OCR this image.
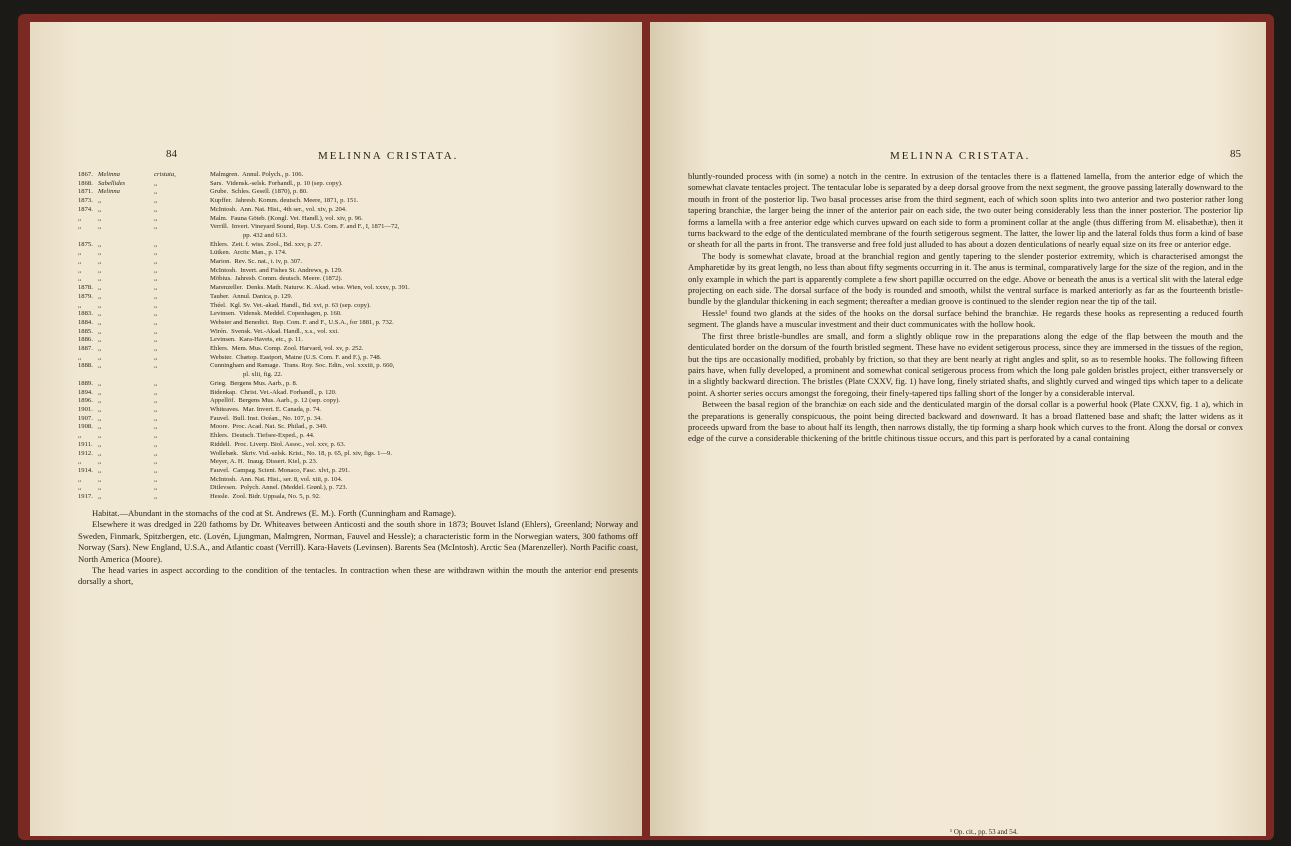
84	MELINNA CRISTATA.
1867. Melinna	cristata,	Malmgren.  Annul. Polych., p. 106.
1868. Sabellides	,,	Sars.  Vidensk.-selsk. Forhandl., p. 10 (sep. copy).
1871. Melinna	,,	Grube.  Schles. Gesell. (1870), p. 80.
1873. ,,	,,	Kupffer.  Jahresb. Komm. deutsch. Meere, 1871, p. 151.
1874. ,,	,,	McIntosh.  Ann. Nat. Hist., 4th ser., vol. xiv, p. 204.
,,	,,	,,	Malm.  Fauna Göteb. (Kongl. Vet. Handl.), vol. xiv, p. 96.
,,	,,	,,	Verrill.  Invert. Vineyard Sound, Rep. U.S. Com. F. and F., I, 1871—72,
pp. 432 and 613.
1875. ,,	,,	Ehlers.  Zeit. f. wiss. Zool., Bd. xxv, p. 27.
,,	,,	,,	Lütken.  Arctic Man., p. 174.
,,	,,	,,	Marion.  Rev. Sc. nat., t. iv, p. 307.
,,	,,	,,	McIntosh.  Invert. and Fishes St. Andrews, p. 129.
,,	,,	,,	Möbius.  Jahresb. Comm. deutsch. Meere. (1872).
1878. ,,	,,	Marenzeller.  Denks. Math. Naturw. K. Akad. wiss. Wien, vol. xxxv, p. 391.
1879. ,,	,,	Tauber.  Annul. Danica, p. 129.
,,	,,	,,	Théel.  Kgl. Sv. Vet.-akad. Handl., Bd. xvi, p. 63 (sep. copy).
1883. ,,	,,	Levinsen.  Vidensk. Meddel. Copenhagen, p. 160.
1884. ,,	,,	Webster and Benedict.  Rep. Com. F. and F., U.S.A., for 1881, p. 732.
1885. ,,	,,	Wirén.  Svensk. Vet.-Akad. Handl., x.s., vol. xxi.
1886. ,,	,,	Levinsen.  Kara-Havets, etc., p. 11.
1887. ,,	,,	Ehlers.  Mem. Mus. Comp. Zool. Harvard, vol. xv, p. 252.
,,	,,	,,	Webster.  Chætop. Eastport, Maine (U.S. Com. F. and F.), p. 748.
1888. ,,	,,	Cunningham and Ramage.  Trans. Roy. Soc. Edin., vol. xxxiii, p. 660,
pl. xlii, fig. 22.
1889. ,,	,,	Grieg.  Bergens Mus. Aarb., p. 8.
1894. ,,	,,	Bidenkap.  Christ. Vet.-Akad. Forhandl., p. 120.
1896. ,,	,,	Appellöf.  Bergens Mus. Aarb., p. 12 (sep. copy).
1901. ,,	,,	Whiteaves.  Mar. Invert. E. Canada, p. 74.
1907. ,,	,,	Fauvel.  Bull. Inst. Océan., No. 107, p. 34.
1908. ,,	,,	Moore.  Proc. Acad. Nat. Sc. Philad., p. 349.
,,	,,	,,	Ehlers.  Deutsch. Tiefsee-Exped., p. 44.
1911. ,,	,,	Riddell.  Proc. Liverp. Biol. Assoc., vol. xxv, p. 63.
1912. ,,	,,	Wollebæk.  Skriv. Vid.-selsk. Krist., No. 18, p. 65, pl. xiv, figs. 1—9.
,,	,,	,,	Meyer, A. H.  Inaug. Dissert. Kiel, p. 23.
1914. ,,	,,	Fauvel.  Campag. Scient. Monaco, Fasc. xlvi, p. 291.
,,	,,	,,	McIntosh.  Ann. Nat. Hist., ser. 8, vol. xiii, p. 104.
,,	,,	,,	Ditlevsen.  Polych. Annel. (Meddel. Grønl.), p. 723.
1917. ,,	,,	Hessle.  Zool. Bidr. Uppsala, No. 5, p. 92.

Habitat.—Abundant in the stomachs of the cod at St. Andrews (E. M.). Forth (Cunningham and Ramage).

Elsewhere it was dredged in 220 fathoms by Dr. Whiteaves between Anticosti and the south shore in 1873; Bouvet Island (Ehlers), Greenland; Norway and Sweden, Finmark, Spitzbergen, etc. (Lovén, Ljungman, Malmgren, Norman, Fauvel and Hessle); a characteristic form in the Norwegian waters, 300 fathoms off Norway (Sars). New England, U.S.A., and Atlantic coast (Verrill). Kara-Havets (Levinsen). Barents Sea (McIntosh). Arctic Sea (Marenzeller). North Pacific coast, North America (Moore).

The head varies in aspect according to the condition of the tentacles. In contraction when these are withdrawn within the mouth the anterior end presents dorsally a short,

MELINNA CRISTATA.	85

bluntly-rounded process with (in some) a notch in the centre. In extrusion of the tentacles there is a flattened lamella, from the anterior edge of which the somewhat clavate tentacles project. The tentacular lobe is separated by a deep dorsal groove from the next segment, the groove passing laterally downward to the mouth in front of the posterior lip. Two basal processes arise from the third segment, each of which soon splits into two anterior and two posterior rather long tapering branchiæ, the larger being the inner of the anterior pair on each side, the two outer being considerably less than the inner posterior. The posterior lip forms a lamella with a free anterior edge which curves upward on each side to form a prominent collar at the angle (thus differing from M. elisabethæ), then it turns backward to the edge of the denticulated membrane of the fourth setigerous segment. The latter, the lower lip and the lateral folds thus form a kind of base or sheath for all the parts in front. The transverse and free fold just alluded to has about a dozen denticulations of nearly equal size on its free or anterior edge.

The body is somewhat clavate, broad at the branchial region and gently tapering to the slender posterior extremity, which is characterised amongst the Ampharetidæ by its great length, no less than about fifty segments occurring in it. The anus is terminal, comparatively large for the size of the region, and in the only example in which the part is apparently complete a few short papillæ occurred on the edge. Above or beneath the anus is a vertical slit with the lateral edge projecting on each side. The dorsal surface of the body is rounded and smooth, whilst the ventral surface is marked anteriorly as far as the fourteenth bristle-bundle by the glandular thickening in each segment; thereafter a median groove is continued to the slender region near the tip of the tail.

Hessle¹ found two glands at the sides of the hooks on the dorsal surface behind the branchiæ. He regards these hooks as representing a reduced fourth segment. The glands have a muscular investment and their duct communicates with the hollow hook.

The first three bristle-bundles are small, and form a slightly oblique row in the preparations along the edge of the flap between the mouth and the denticulated border on the dorsum of the fourth bristled segment. These have no evident setigerous process, since they are immersed in the tissues of the region, but the tips are occasionally modified, probably by friction, so that they are bent nearly at right angles and split, so as to resemble hooks. The following fifteen pairs have, when fully developed, a prominent and somewhat conical setigerous process from which the long pale golden bristles project, either transversely or in a slightly backward direction. The bristles (Plate CXXV, fig. 1) have long, finely striated shafts, and slightly curved and winged tips which taper to a delicate point. A shorter series occurs amongst the foregoing, their finely-tapered tips falling short of the longer by a considerable interval.

Between the basal region of the branchiæ on each side and the denticulated margin of the dorsal collar is a powerful hook (Plate CXXV, fig. 1 a), which in the preparations is generally conspicuous, the point being directed backward and downward. It has a broad flattened base and shaft; the latter widens as it proceeds upward from the base to about half its length, then narrows distally, the tip forming a sharp hook which curves to the front. Along the dorsal or convex edge of the curve a considerable thickening of the brittle chitinous tissue occurs, and this part is perforated by a canal containing

¹ Op. cit., pp. 53 and 54.
